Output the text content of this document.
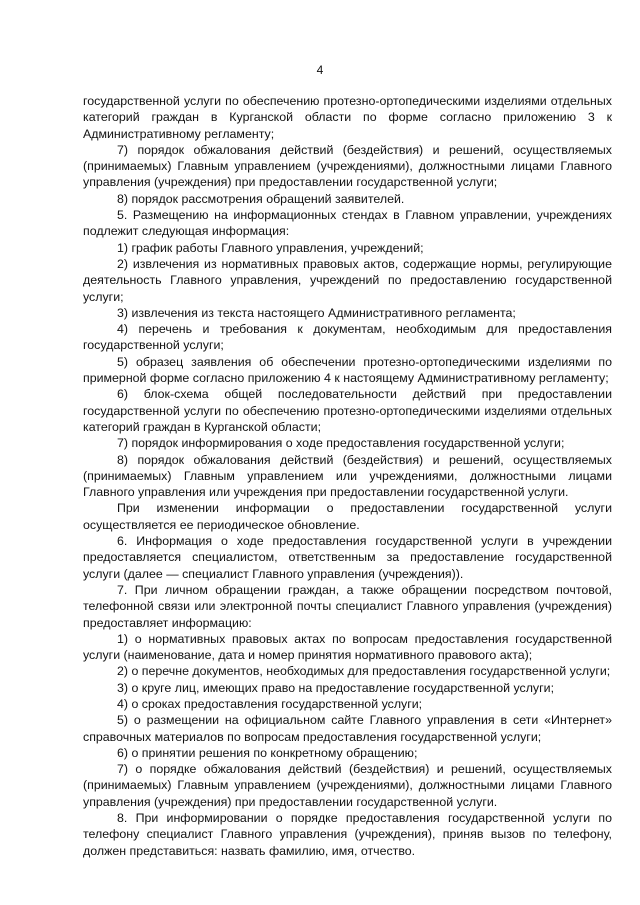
4

государственной услуги по обеспечению протезно-ортопедическими изделиями отдельных категорий граждан в Курганской области по форме согласно приложению 3 к Административному регламенту;

7) порядок обжалования действий (бездействия) и решений, осуществляемых (принимаемых) Главным управлением (учреждениями), должностными лицами Главного управления (учреждения) при предоставлении государственной услуги;

8) порядок рассмотрения обращений заявителей.

5. Размещению на информационных стендах в Главном управлении, учреждениях подлежит следующая информация:

1) график работы Главного управления, учреждений;

2) извлечения из нормативных правовых актов, содержащие нормы, регулирующие деятельность Главного управления, учреждений по предоставлению государственной услуги;

3) извлечения из текста настоящего Административного регламента;

4) перечень и требования к документам, необходимым для предоставления государственной услуги;

5) образец заявления об обеспечении протезно-ортопедическими изделиями по примерной форме согласно приложению 4 к настоящему Административному регламенту;

6) блок-схема общей последовательности действий при предоставлении государственной услуги по обеспечению протезно-ортопедическими изделиями отдельных категорий граждан в Курганской области;

7) порядок информирования о ходе предоставления государственной услуги;

8) порядок обжалования действий (бездействия) и решений, осуществляемых (принимаемых) Главным управлением или учреждениями, должностными лицами Главного управления или учреждения при предоставлении государственной услуги.

При изменении информации о предоставлении государственной услуги осуществляется ее периодическое обновление.

6. Информация о ходе предоставления государственной услуги в учреждении предоставляется специалистом, ответственным за предоставление государственной услуги (далее — специалист Главного управления (учреждения)).

7. При личном обращении граждан, а также обращении посредством почтовой, телефонной связи или электронной почты специалист Главного управления (учреждения) предоставляет информацию:

1) о нормативных правовых актах по вопросам предоставления государственной услуги (наименование, дата и номер принятия нормативного правового акта);

2) о перечне документов, необходимых для предоставления государственной услуги;

3) о круге лиц, имеющих право на предоставление государственной услуги;

4) о сроках предоставления государственной услуги;

5) о размещении на официальном сайте Главного управления в сети «Интернет» справочных материалов по вопросам предоставления государственной услуги;

6) о принятии решения по конкретному обращению;

7) о порядке обжалования действий (бездействия) и решений, осуществляемых (принимаемых) Главным управлением (учреждениями), должностными лицами Главного управления (учреждения) при предоставлении государственной услуги.

8. При информировании о порядке предоставления государственной услуги по телефону специалист Главного управления (учреждения), приняв вызов по телефону, должен представиться: назвать фамилию, имя, отчество.
